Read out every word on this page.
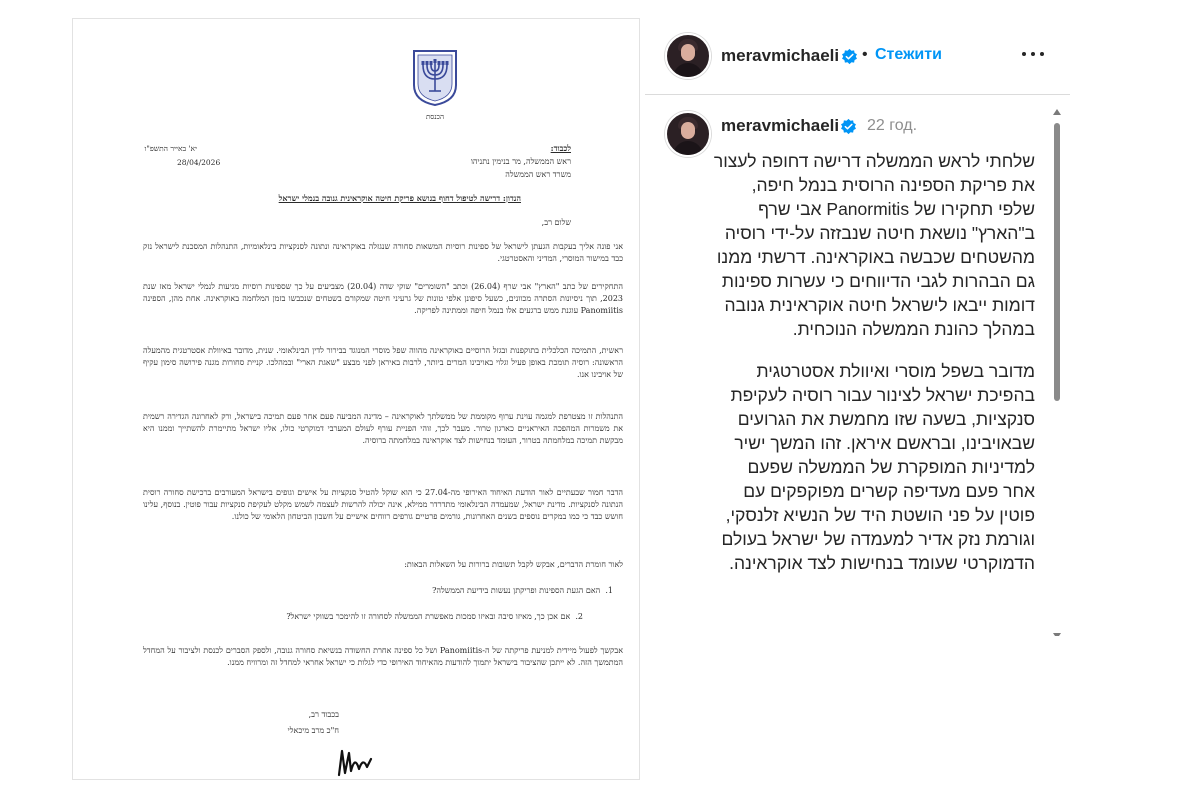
הכנסת
יא' באייר התשפ"ו
28/04/2026
לכבוד:
ראש הממשלה, מר בנימין נתניהו
משרד ראש הממשלה
הנדון: דרישה לטיפול דחוף בנושא פריקת חיטה אוקראינית גנובה בנמלי ישראל
שלום רב,
אני פונה אליך בעקבות הגעתן לישראל של ספינות רוסיות המשאות סחורה שנגזלה באוקראינה ונתונה לסנקציות בינלאומיות, התנהלות המסכנת לישראל נזק כבד במישור המוסרי, המדיני והאסטרטגי.
התחקירים של כתב "הארץ" אבי שרף (26.04) וכתב "השומרים" שוקי שדה (20.04) מצביעים על כך שספינות רוסיות מגיעות לנמלי ישראל מאז שנת 2023, תוך ניסיונות הסתרה מכוונים, כשעל סיפונן אלפי טונות של גרעיני חיטה שמקורם בשטחים שנכבשו בזמן המלחמה באוקראינה. אחת מהן, הספינה Panomiitis עוגנת ממש ברגעים אלו בנמל חיפה וממתינה לפריקה.
ראשית, התמיכה הכלכלית בתוקפנות ובגזל הרוסיים באוקראינה מהווה שפל מוסרי המנוגד בבירור לדין הבינלאומי. שנית, מדובר באיוולת אסטרטגית מהמעלה הראשונה: רוסיה תומכת באופן פעיל וגלוי באויבינו המרים ביותר, לרבות באיראן לפני מבצע "שאגת הארי" ובמהלכו. קניית סחורות מגנה פירושה סימון עקיף של אויבינו אנו.
התנהלות זו מצטרפת למגמה עוינת ערוף מקוממת של ממשלתך לאוקראינה – מדינה המביעה פעם אחר פעם תמיכה בישראל, ורק לאחרונה הגדירה רשמית את משמרות המהפכה האיראניים כארגון טרור. מעבר לכך, זוהי הפניית עורף לעולם המערבי דמוקרטי כולו, אליו ישראל מתיימרת להשתייך וממנו היא מבקשת תמיכה במלחמתה בטרור, העומד בנחישות לצד אוקראינה במלחמתה ברוסיה.
הדבר חמור שבעתיים לאור הודעת האיחוד האירופי מה-27.04 כי הוא שוקל להטיל סנקציות על אישים וגופים בישראל המעורבים ברכישת סחורה רוסית הנתונה לסנקציות. מדינת ישראל, שמעמדה הבינלאומי מתדרדר ממילא, אינה יכולה להרשות לעצמה לשמש מקלט לעקיפת סנקציות עבור פוטין. בנוסף, עלינו חושש כבד כי כמו במקרים נוספים בשנים האחרונות, גורמים פרטיים גורפים רווחים אישיים על חשבון הביטחון הלאומי של כולנו.
לאור חומרת הדברים, אבקש לקבל תשובות ברורות על השאלות הבאות:
1.  האם הגעת הספינות ופריקתן נעשות בידיעת הממשלה?
2.  אם אכן כך, מאיזו סיבה ובאיזו סמכות מאפשרת הממשלה לסחורה זו להימכר בשווקי ישראל?
אבקשך לפעול מיידית למניעת פריקתה של ה-Panomiitis ושל כל ספינה אחרת החשודה בנשיאת סחורה גנובה, ולספק הסברים לכנסת ולציבור על המחדל המתמשך הזה. לא ייתכן שהציבור בישראל יתמוך להודעות מהאיחוד האירופי כדי לגלות כי ישראל אחראי למחדל זה ומרוויח ממנו.
בכבוד רב,
ח"כ מרב מיכאלי
meravmichaeli • Стежити
meravmichaeli 22 год.

שלחתי לראש הממשלה דרישה דחופה לעצור את פריקת הספינה הרוסית בנמל חיפה, שלפי תחקירו של Panormitis אבי שרף ב"הארץ" נושאת חיטה שנבזזה על-ידי רוסיה מהשטחים שכבשה באוקראינה. דרשתי ממנו גם הבהרות לגבי הדיווחים כי עשרות ספינות דומות ייבאו לישראל חיטה אוקראינית גנובה במהלך כהונת הממשלה הנוכחית.

מדובר בשפל מוסרי ואיוולת אסטרטגית בהפיכת ישראל לצינור עבור רוסיה לעקיפת סנקציות, בשעה שזו מחמשת את הגרועים שבאויבינו, ובראשם איראן. זהו המשך ישיר למדיניות המופקרת של הממשלה שפעם אחר פעם מעדיפה קשרים מפוקפקים עם פוטין על פני הושטת היד של הנשיא זלנסקי, וגורמת נזק אדיר למעמדה של ישראל בעולם הדמוקרטי שעומד בנחישות לצד אוקראינה.
